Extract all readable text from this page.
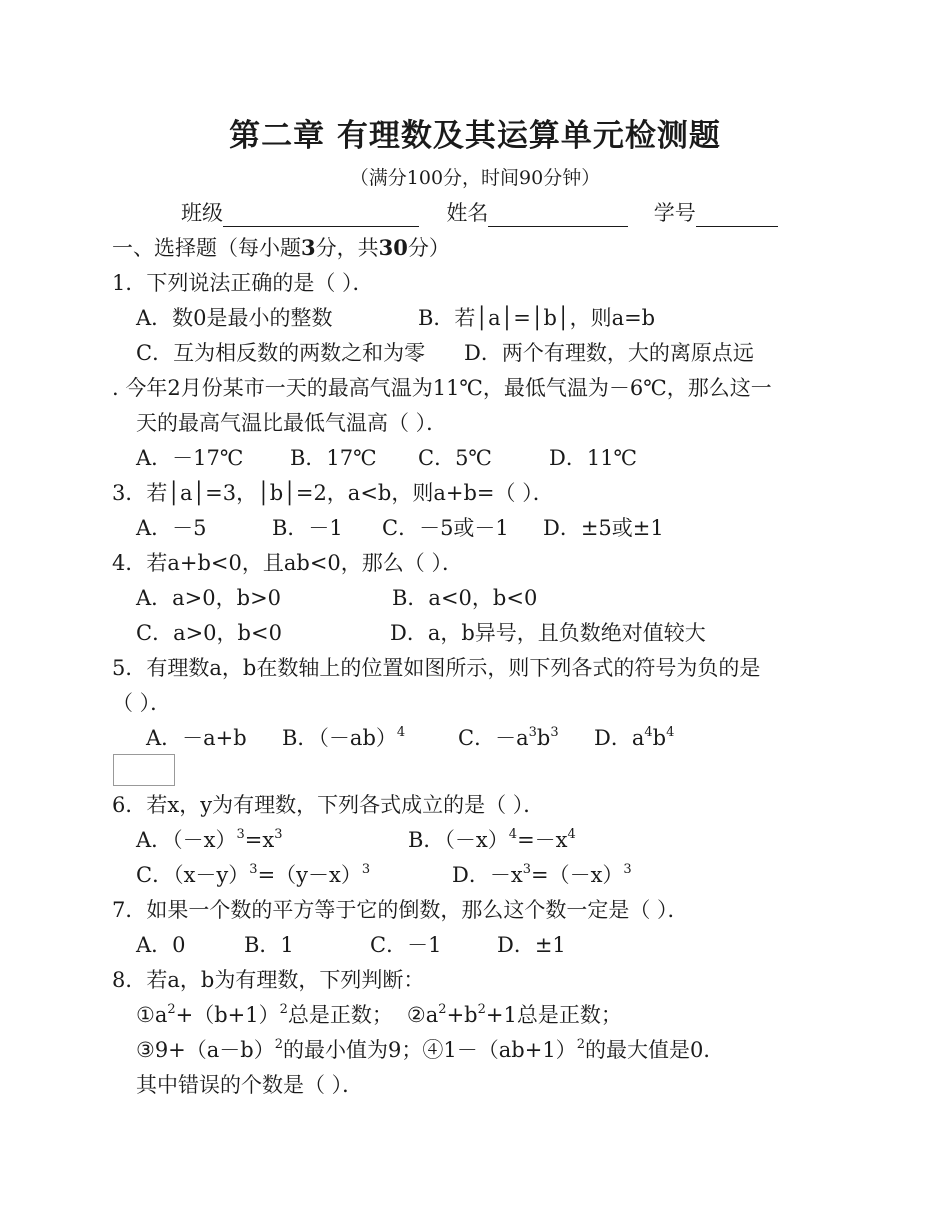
第二章 有理数及其运算单元检测题
（满分100分，时间90分钟）
班级	姓名	学号
一、选择题（每小题3分，共30分）
1．下列说法正确的是（ ）．
A．数0是最小的整数	B．若│a│=│b│，则a=b
C．互为相反数的两数之和为零 D．两个有理数，大的离原点远
. 今年2月份某市一天的最高气温为11℃，最低气温为－6℃，那么这一
天的最高气温比最低气温高（ ）．
A．－17℃ B．17℃ C．5℃	D．11℃
3．若│a│=3，│b│=2，a<b，则a+b=（ ）．
A．－5	B．－1 C．－5或－1 D．±5或±1
4．若a+b<0，且ab<0，那么（ ）．
A．a>0，b>0	B．a<0，b<0
C．a>0，b<0	D．a，b异号，且负数绝对值较大
5．有理数a，b在数轴上的位置如图所示，则下列各式的符号为负的是
（ ）．
A．－a+b B．$(-ab)^4$	C．$-a^3b^3$ D．$a^4b^4$
6．若x，y为有理数，下列各式成立的是（ ）．
A．$(-x)^3=x^3$	B．$(-x)^4=-x^4$
C．$(x-y)^3=(y-x)^3$	D．$-x^3=(-x)^3$
7．如果一个数的平方等于它的倒数，那么这个数一定是（ ）．
A．0	B．1	C．－1	D．±1
8．若a，b为有理数，下列判断：
$①a^2+(b+1)^2$总是正数； $②a^2+b^2+1$总是正数；
$③9+(a-b)^2$的最小值为9；$④1-(ab+1)^2$的最大值是0．
其中错误的个数是（ ）．
